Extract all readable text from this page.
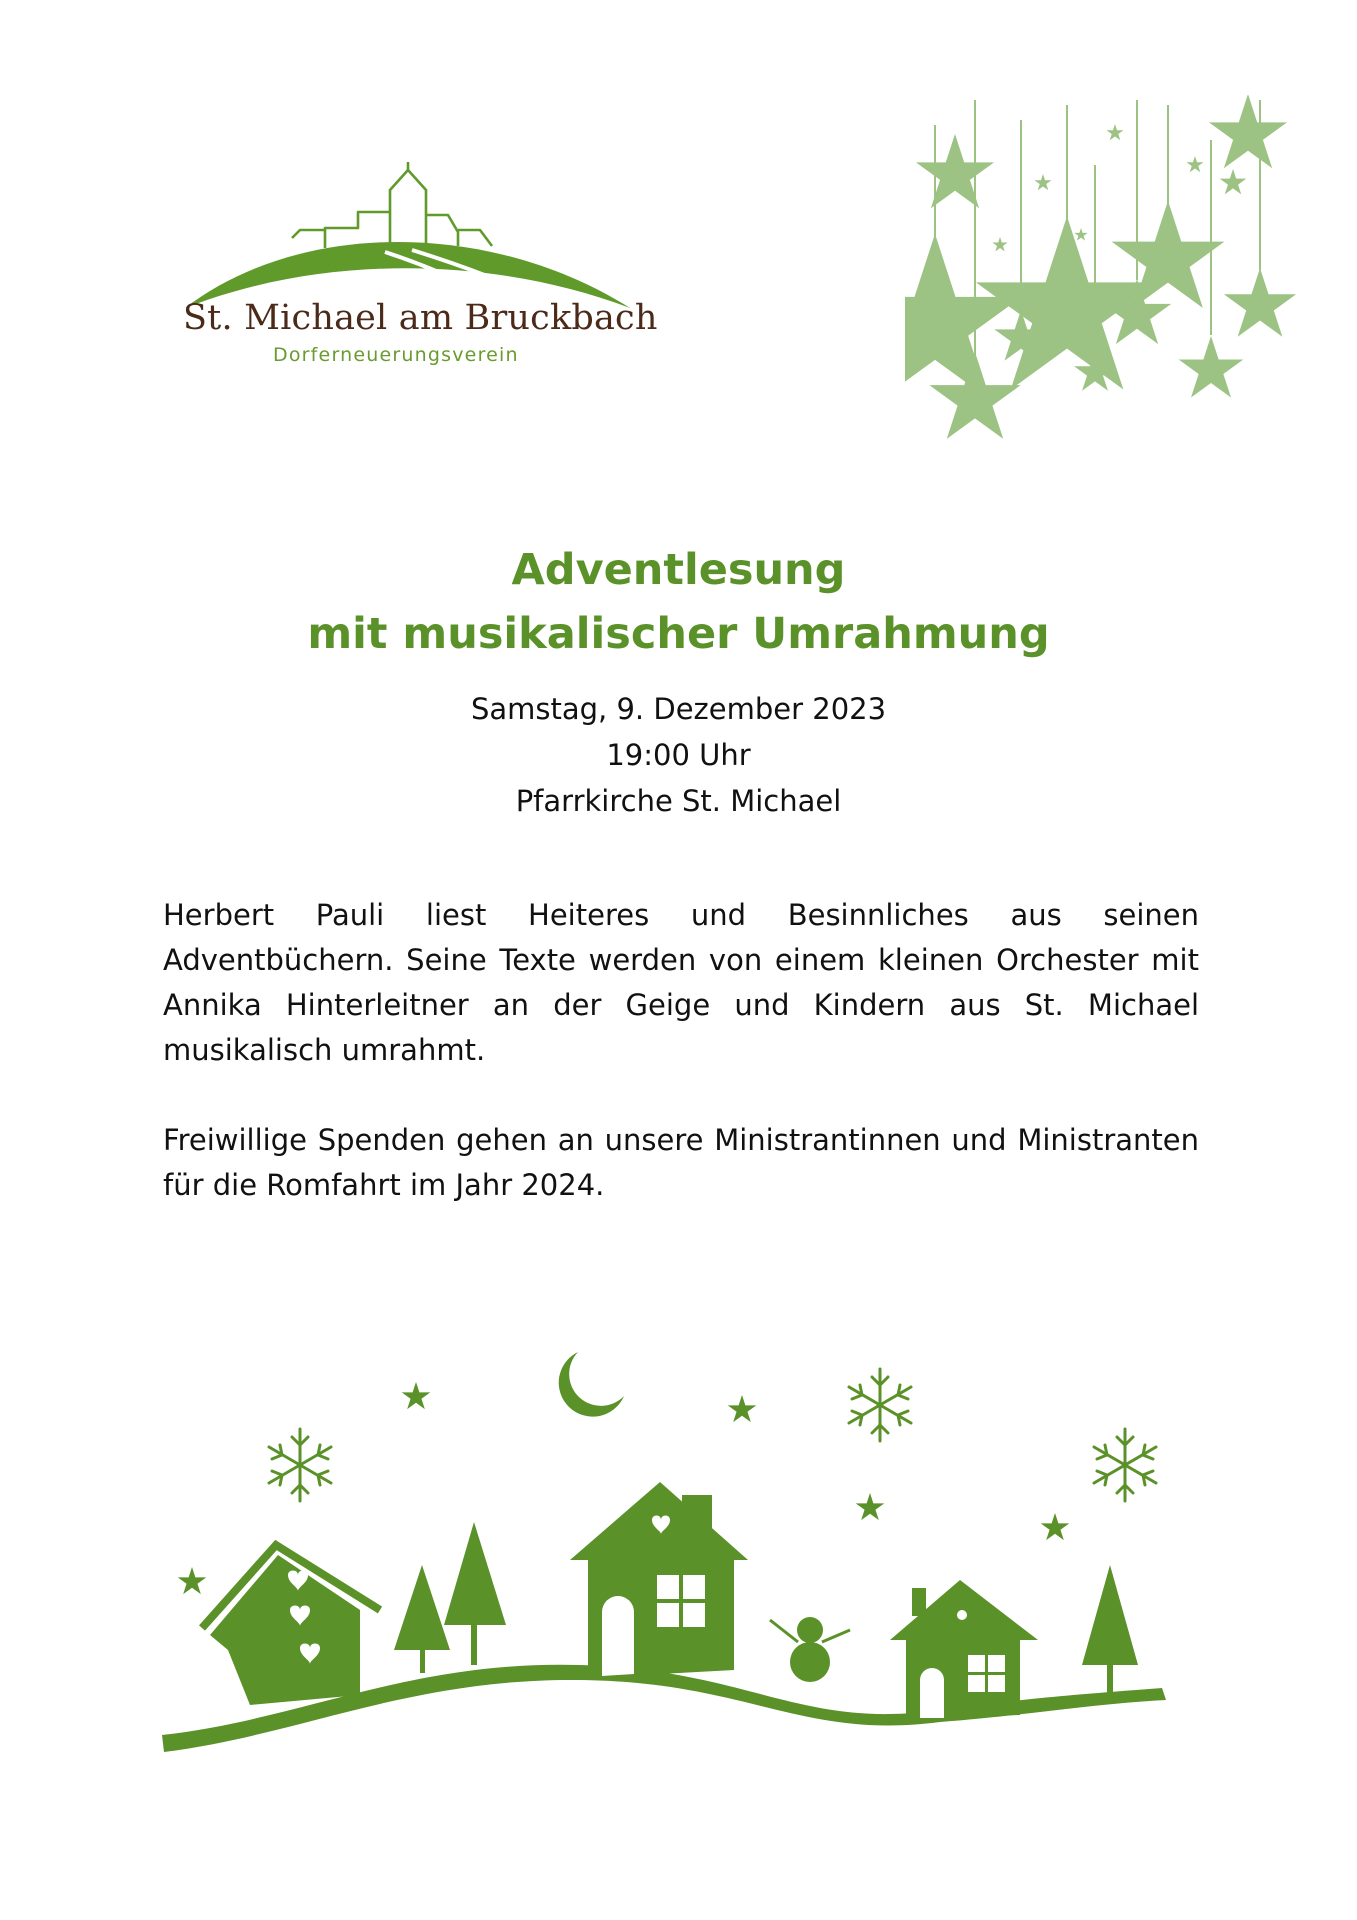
St. Michael am Bruckbach
Dorferneuerungsverein
Adventlesung
mit musikalischer Umrahmung
Samstag, 9. Dezember 2023
19:00 Uhr
Pfarrkirche St. Michael

Herbert Pauli liest Heiteres und Besinnliches aus seinen Adventbüchern. Seine Texte werden von einem kleinen Orchester mit Annika Hinterleitner an der Geige und Kindern aus St. Michael musikalisch umrahmt.

Freiwillige Spenden gehen an unsere Ministrantinnen und Ministranten für die Romfahrt im Jahr 2024.
